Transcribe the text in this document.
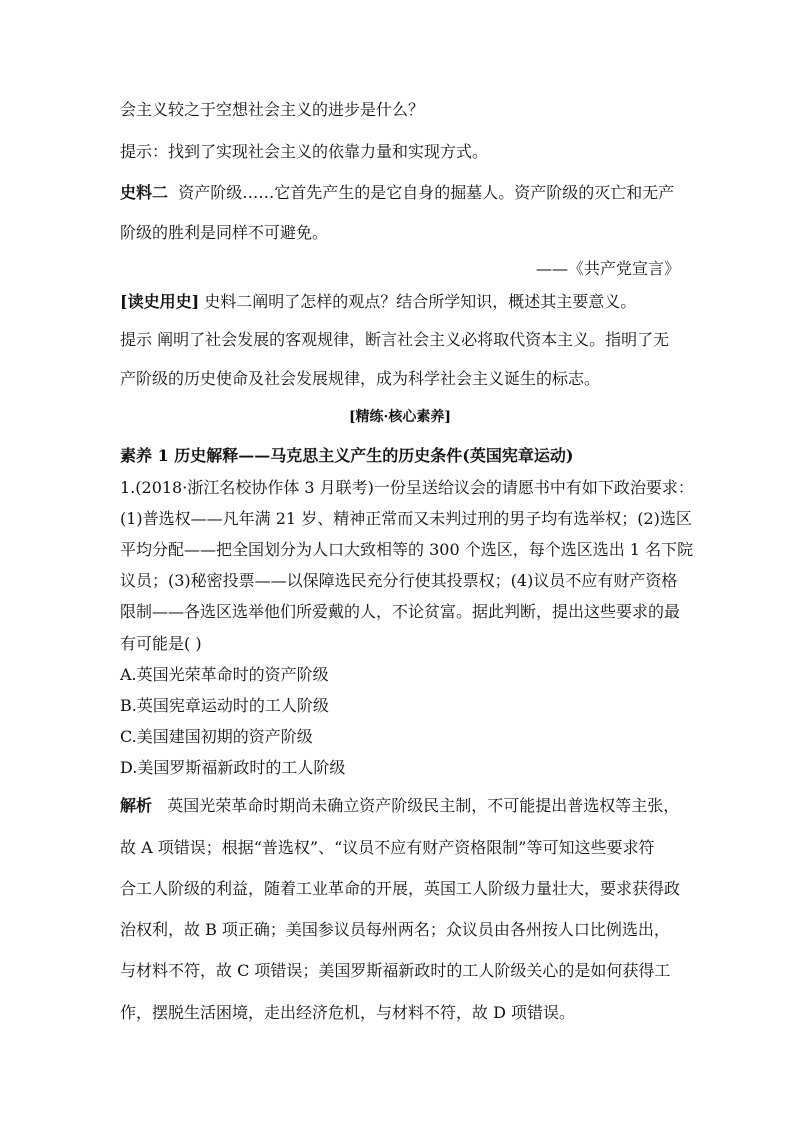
会主义较之于空想社会主义的进步是什么？
提示：找到了实现社会主义的依靠力量和实现方式。
史料二 资产阶级……它首先产生的是它自身的掘墓人。资产阶级的灭亡和无产
阶级的胜利是同样不可避免。
——《共产党宣言》
[读史用史] 史料二阐明了怎样的观点？结合所学知识，概述其主要意义。
提示 阐明了社会发展的客观规律，断言社会主义必将取代资本主义。指明了无
产阶级的历史使命及社会发展规律，成为科学社会主义诞生的标志。
[精练·核心素养]
素养 1 历史解释——马克思主义产生的历史条件(英国宪章运动)
1.(2018·浙江名校协作体 3 月联考)一份呈送给议会的请愿书中有如下政治要求：
(1)普选权——凡年满 21 岁、精神正常而又未判过刑的男子均有选举权；(2)选区
平均分配——把全国划分为人口大致相等的 300 个选区，每个选区选出 1 名下院
议员；(3)秘密投票——以保障选民充分行使其投票权；(4)议员不应有财产资格
限制——各选区选举他们所爱戴的人，不论贫富。据此判断，提出这些要求的最
有可能是( )
A.英国光荣革命时的资产阶级
B.英国宪章运动时的工人阶级
C.美国建国初期的资产阶级
D.美国罗斯福新政时的工人阶级
解析 英国光荣革命时期尚未确立资产阶级民主制，不可能提出普选权等主张，
故 A 项错误；根据“普选权”、“议员不应有财产资格限制”等可知这些要求符
合工人阶级的利益，随着工业革命的开展，英国工人阶级力量壮大，要求获得政
治权利，故 B 项正确；美国参议员每州两名；众议员由各州按人口比例选出，
与材料不符，故 C 项错误；美国罗斯福新政时的工人阶级关心的是如何获得工
作，摆脱生活困境，走出经济危机，与材料不符，故 D 项错误。
